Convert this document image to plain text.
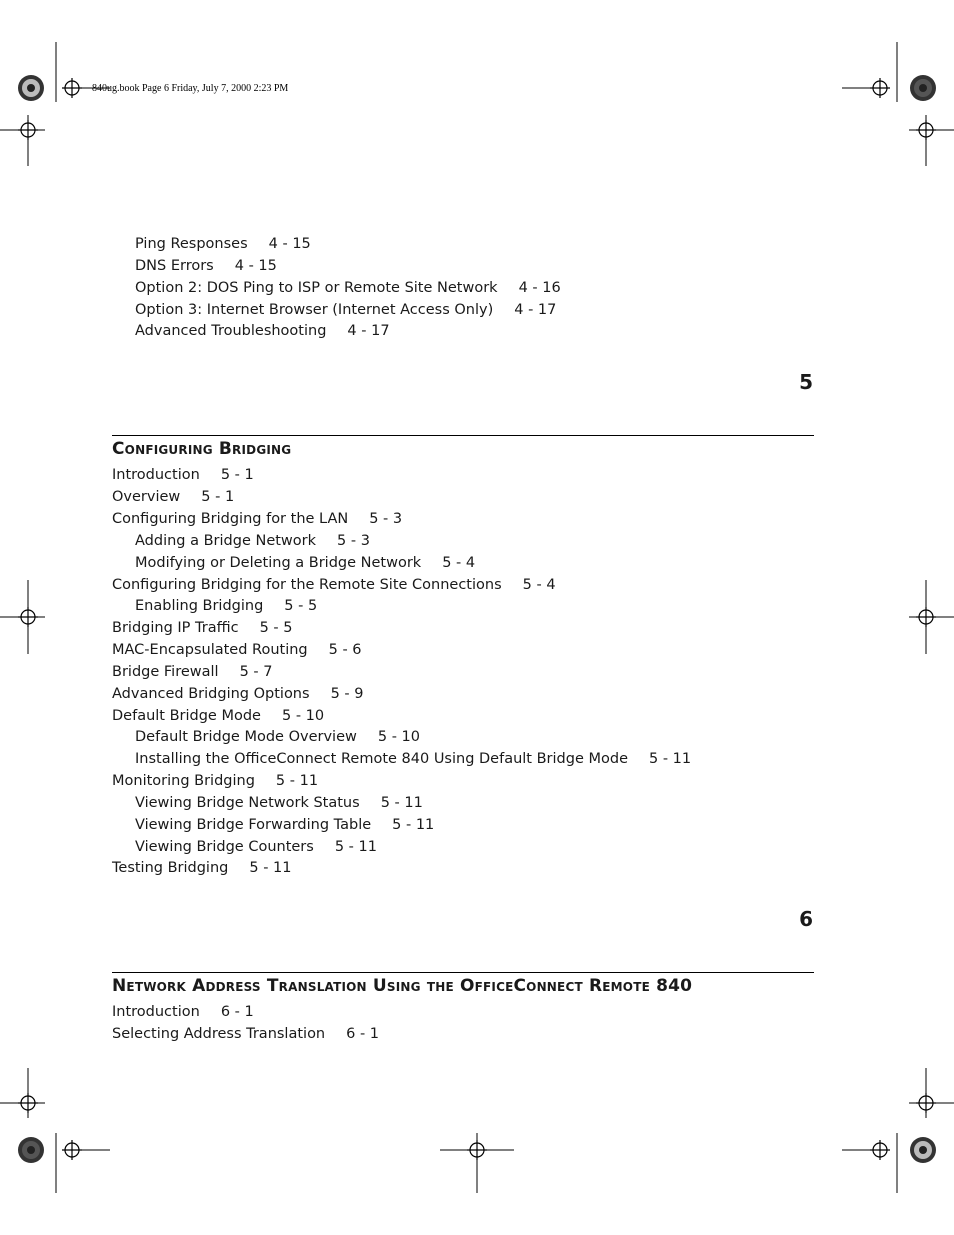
840ug.book Page 6 Friday, July 7, 2000 2:23 PM
Ping Responses 4 - 15
DNS Errors 4 - 15
Option 2: DOS Ping to ISP or Remote Site Network 4 - 16
Option 3: Internet Browser (Internet Access Only) 4 - 17
Advanced Troubleshooting 4 - 17
5
Configuring Bridging
Introduction 5 - 1
Overview 5 - 1
Configuring Bridging for the LAN 5 - 3
Adding a Bridge Network 5 - 3
Modifying or Deleting a Bridge Network 5 - 4
Configuring Bridging for the Remote Site Connections 5 - 4
Enabling Bridging 5 - 5
Bridging IP Traffic 5 - 5
MAC-Encapsulated Routing 5 - 6
Bridge Firewall 5 - 7
Advanced Bridging Options 5 - 9
Default Bridge Mode 5 - 10
Default Bridge Mode Overview 5 - 10
Installing the OfficeConnect Remote 840 Using Default Bridge Mode 5 - 11
Monitoring Bridging 5 - 11
Viewing Bridge Network Status 5 - 11
Viewing Bridge Forwarding Table 5 - 11
Viewing Bridge Counters 5 - 11
Testing Bridging 5 - 11
6
Network Address Translation Using the OfficeConnect Remote 840
Introduction 6 - 1
Selecting Address Translation 6 - 1
